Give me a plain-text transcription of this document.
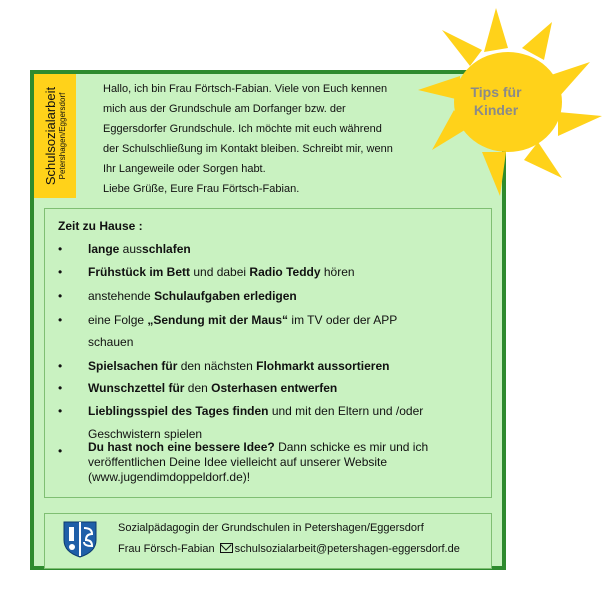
Schulsozialarbeit Petershagen/Eggersdorf
Hallo, ich bin Frau Förtsch-Fabian. Viele von Euch kennen
mich aus der Grundschule am Dorfanger bzw. der
Eggersdorfer Grundschule. Ich möchte mit euch während
der Schulschließung im Kontakt bleiben. Schreibt mir, wenn
Ihr Langeweile oder Sorgen habt.
Liebe Grüße, Eure Frau Förtsch-Fabian.
Tips für
Kinder
Zeit zu Hause :
• lange ausschlafen
• Frühstück im Bett und dabei Radio Teddy hören
• anstehende Schulaufgaben erledigen
• eine Folge „Sendung mit der Maus“ im TV oder der APP
schauen
• Spielsachen für den nächsten Flohmarkt aussortieren
• Wunschzettel für den Osterhasen entwerfen
• Lieblingsspiel des Tages finden und mit den Eltern und /oder
Geschwistern spielen
• Du hast noch eine bessere Idee? Dann schicke es mir und ich
veröffentlichen Deine Idee vielleicht auf unserer Website
(www.jugendimdoppeldorf.de)!
Sozialpädagogin der Grundschulen in Petershagen/Eggersdorf
Frau Försch-Fabian schulsozialarbeit@petershagen-eggersdorf.de
